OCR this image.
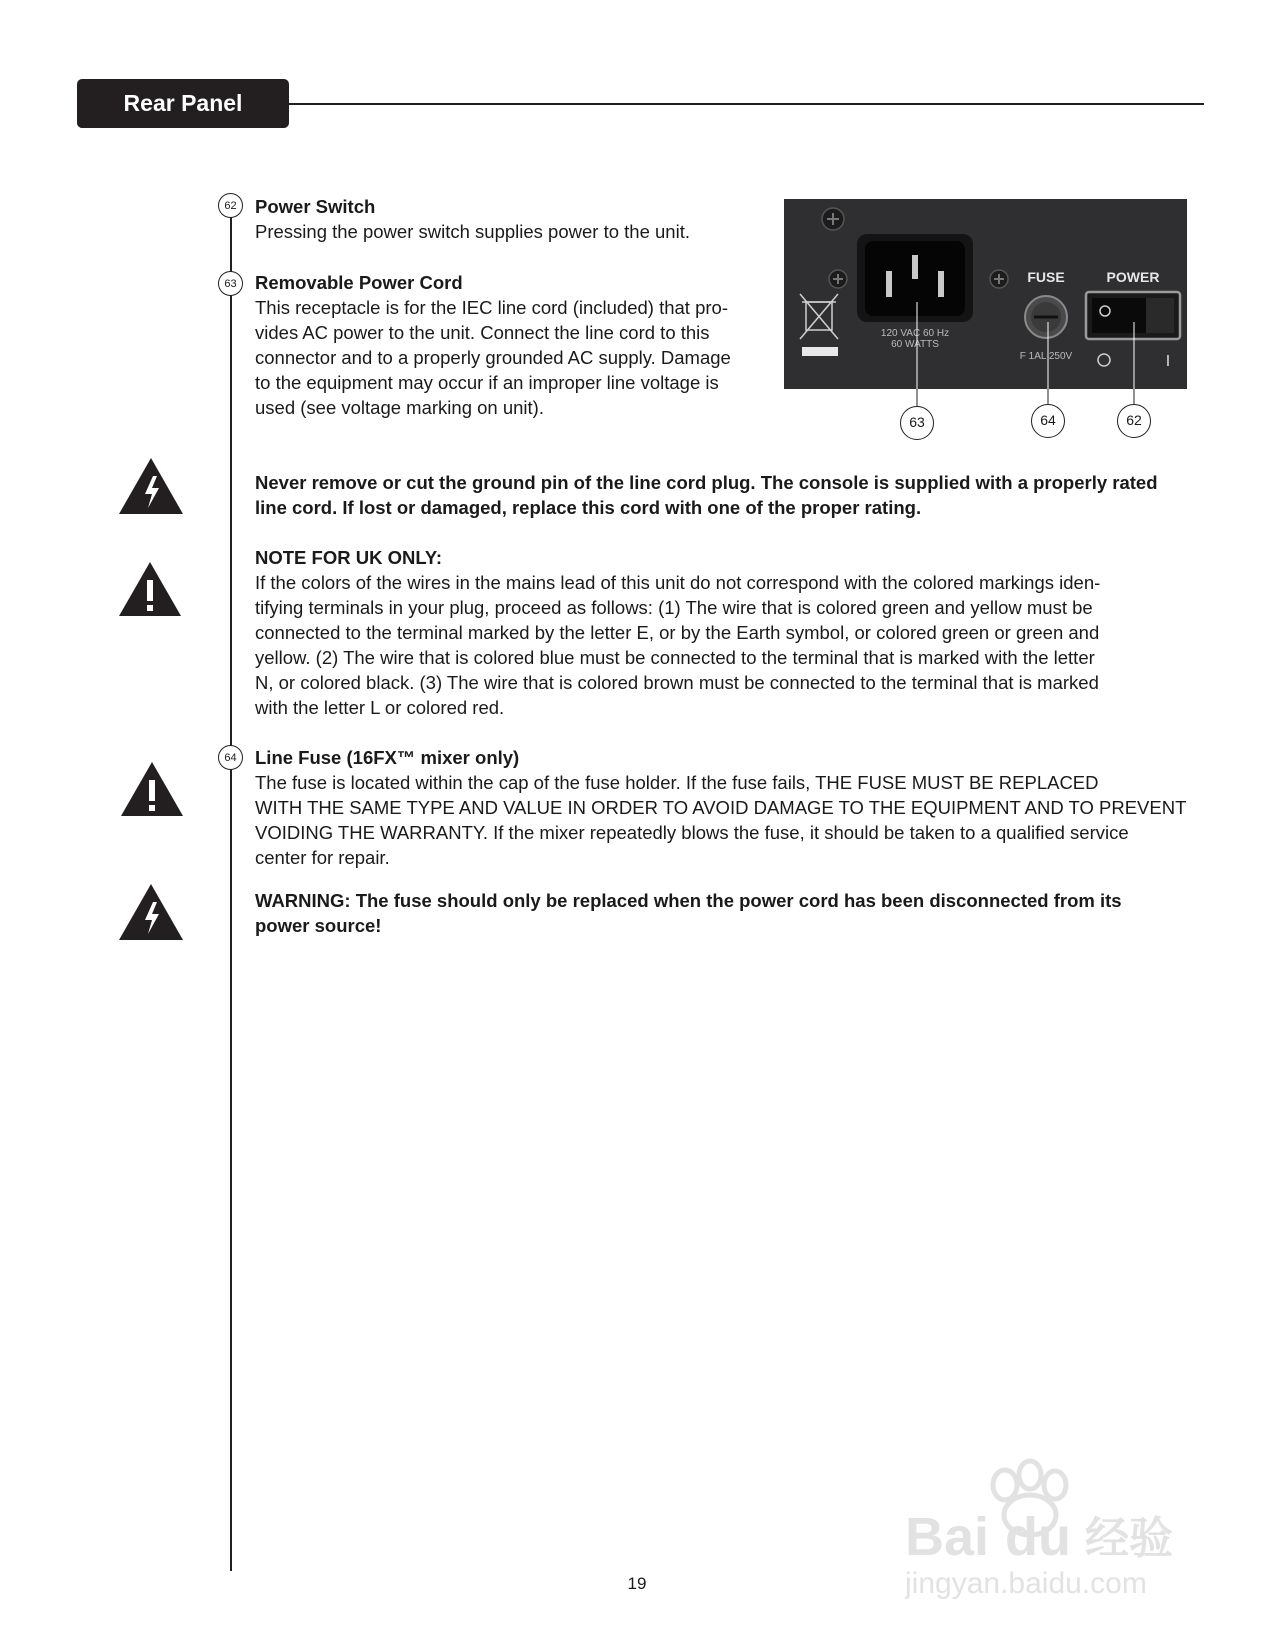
Rear Panel
62 Power Switch
Pressing the power switch supplies power to the unit.
63 Removable Power Cord
This receptacle is for the IEC line cord (included) that pro-
vides AC power to the unit. Connect the line cord to this
connector and to a properly grounded AC supply. Damage
to the equipment may occur if an improper line voltage is
used (see voltage marking on unit).
120 VAC 60 Hz
60 WATTS
FUSE
F 1AL 250V
POWER
I
63	64	62
Never remove or cut the ground pin of the line cord plug. The console is supplied with a properly rated
line cord. If lost or damaged, replace this cord with one of the proper rating.
NOTE FOR UK ONLY:
If the colors of the wires in the mains lead of this unit do not correspond with the colored markings iden-
tifying terminals in your plug, proceed as follows: (1) The wire that is colored green and yellow must be
connected to the terminal marked by the letter E, or by the Earth symbol, or colored green or green and
yellow. (2) The wire that is colored blue must be connected to the terminal that is marked with the letter
N, or colored black. (3) The wire that is colored brown must be connected to the terminal that is marked
with the letter L or colored red.
64 Line Fuse (16FX™ mixer only)
The fuse is located within the cap of the fuse holder. If the fuse fails, THE FUSE MUST BE REPLACED
WITH THE SAME TYPE AND VALUE IN ORDER TO AVOID DAMAGE TO THE EQUIPMENT AND TO PREVENT
VOIDING THE WARRANTY. If the mixer repeatedly blows the fuse, it should be taken to a qualified service
center for repair.
WARNING: The fuse should only be replaced when the power cord has been disconnected from its
power source!
19
Bai du 经验
jingyan.baidu.com
